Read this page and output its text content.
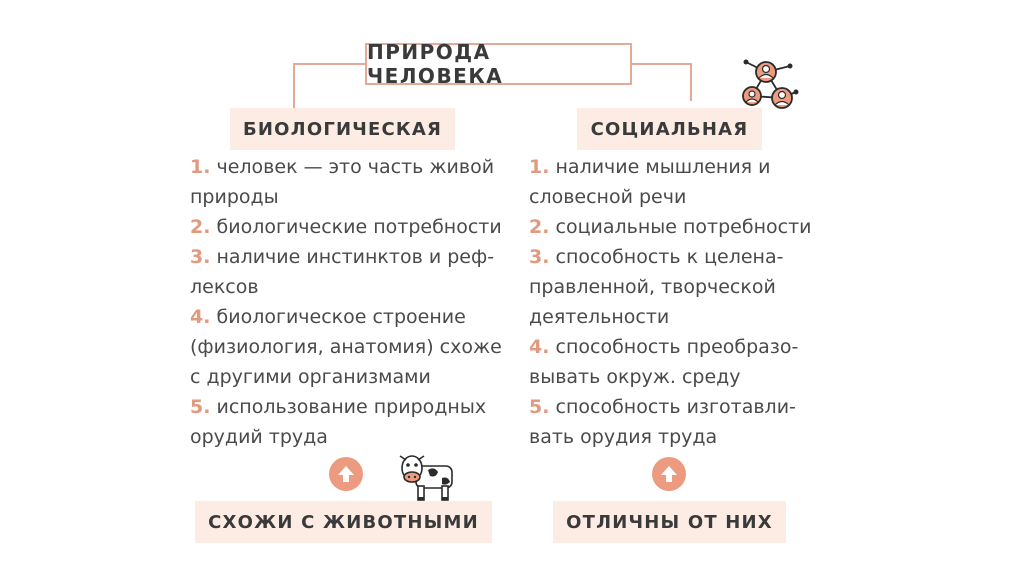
ПРИРОДА ЧЕЛОВЕКА
БИОЛОГИЧЕСКАЯ	СОЦИАЛЬНАЯ
1. человек — это часть живой природы
2. биологические потребности
3. наличие инстинктов и реф-лексов
4. биологическое строение (физиология, анатомия) схоже с другими организмами
5. использование природных орудий труда
1. наличие мышления и словесной речи
2. социальные потребности
3. способность к целена-правленной, творческой деятельности
4. способность преобразо-вывать окруж. среду
5. способность изготавли-вать орудия труда
СХОЖИ С ЖИВОТНЫМИ	ОТЛИЧНЫ ОТ НИХ
